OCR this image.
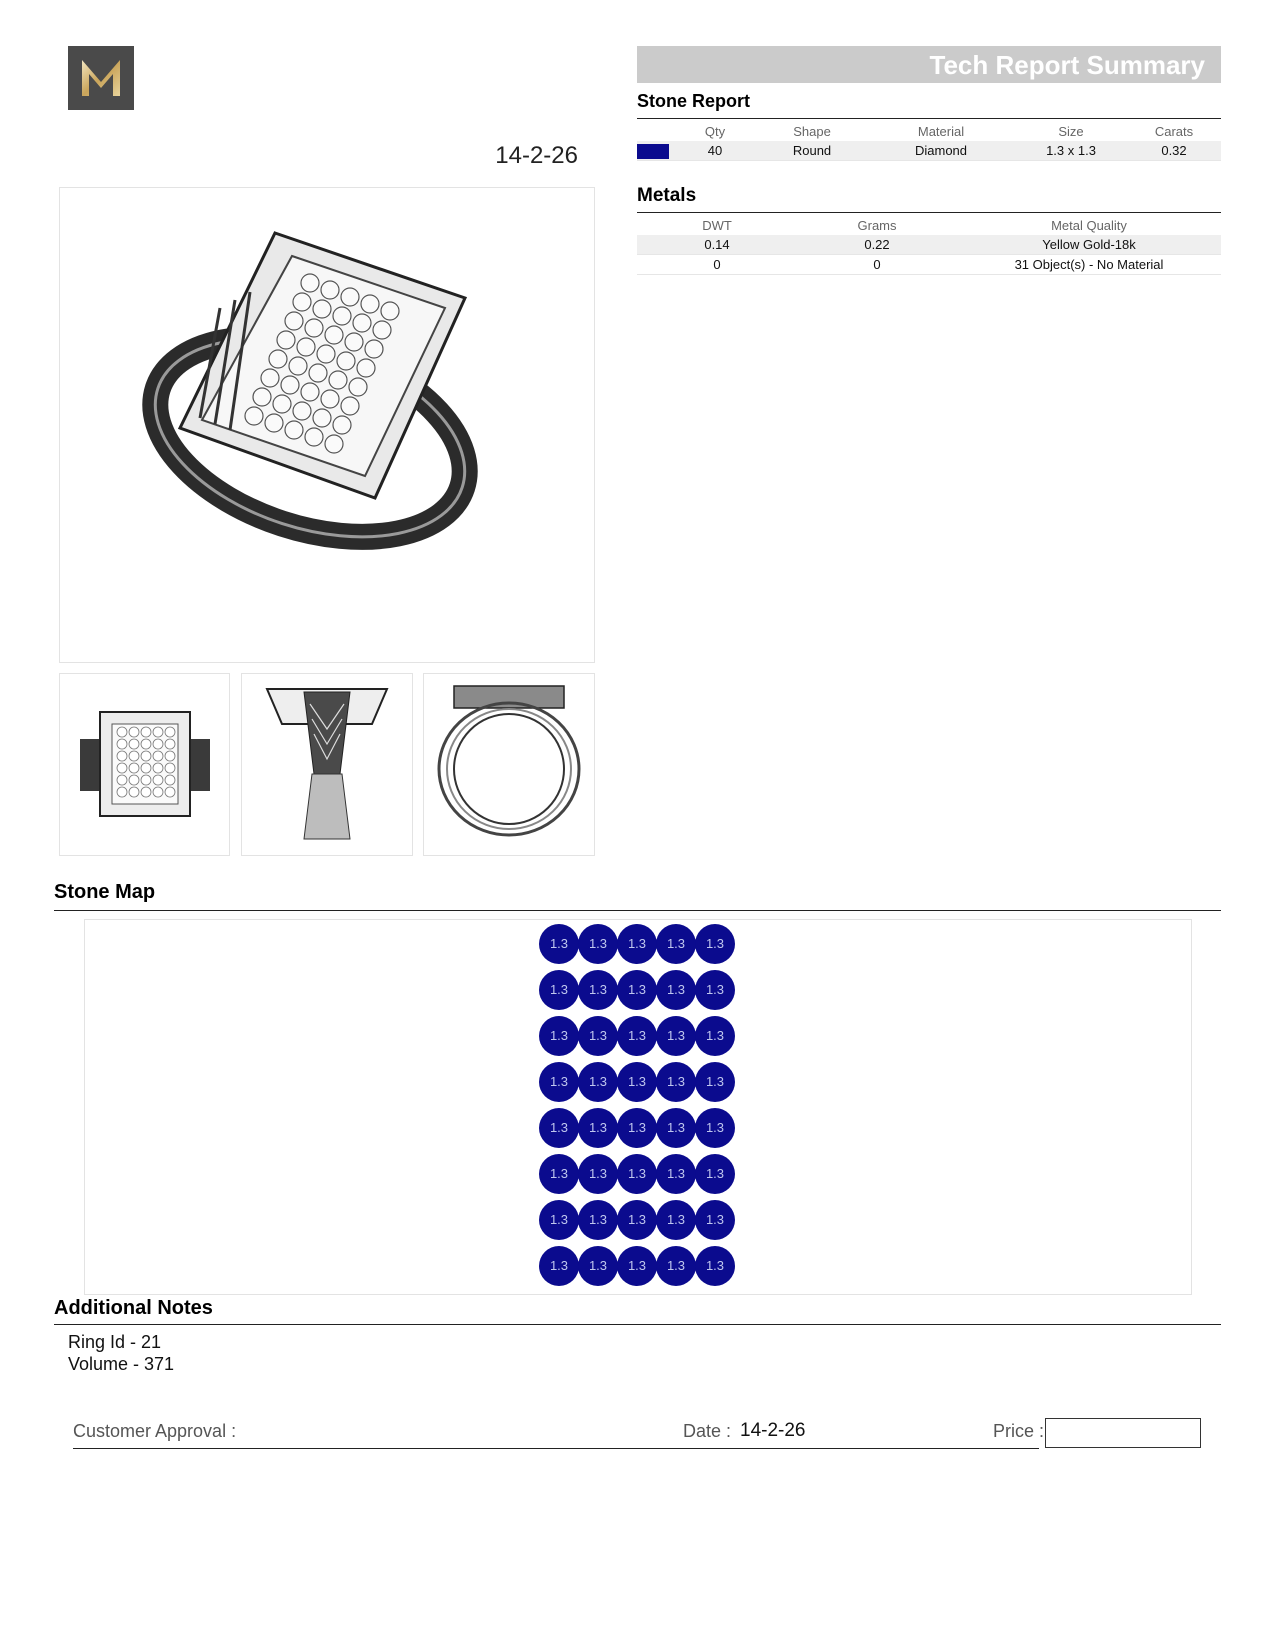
14-2-26
Tech Report Summary
Stone Report
	Qty	Shape	Material	Size	Carats
	40	Round	Diamond	1.3 x 1.3	0.32
Metals
DWT	Grams	Metal Quality
0.14	0.22	Yellow Gold-18k
0	0	31 Object(s) - No Material
Stone Map
1.3	1.3	1.3	1.3	1.3
1.3	1.3	1.3	1.3	1.3
1.3	1.3	1.3	1.3	1.3
1.3	1.3	1.3	1.3	1.3
1.3	1.3	1.3	1.3	1.3
1.3	1.3	1.3	1.3	1.3
1.3	1.3	1.3	1.3	1.3
1.3	1.3	1.3	1.3	1.3
Additional Notes
Ring Id - 21
Volume - 371
Customer Approval :	Date : 14-2-26	Price :
